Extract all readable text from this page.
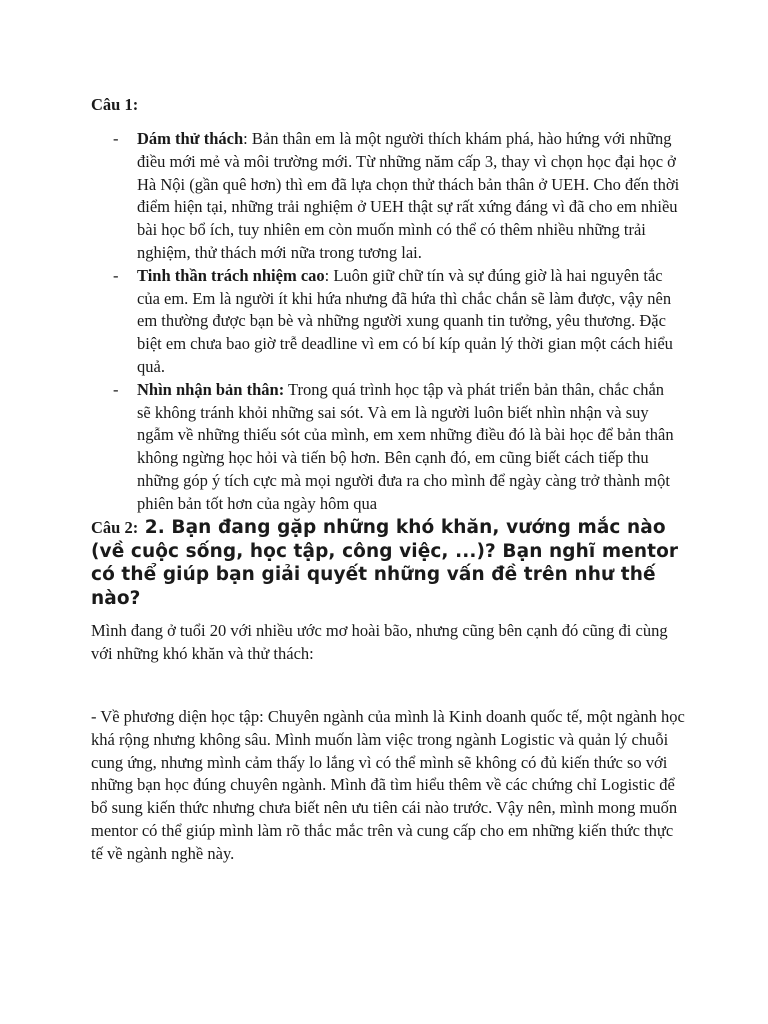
Câu 1:
- Dám thử thách: Bản thân em là một người thích khám phá, hào hứng với những điều mới mẻ và môi trường mới. Từ những năm cấp 3, thay vì chọn học đại học ở Hà Nội (gần quê hơn) thì em đã lựa chọn thử thách bản thân ở UEH. Cho đến thời điểm hiện tại, những trải nghiệm ở UEH thật sự rất xứng đáng vì đã cho em nhiều bài học bổ ích, tuy nhiên em còn muốn mình có thể có thêm nhiều những trải nghiệm, thử thách mới nữa trong tương lai.
- Tinh thần trách nhiệm cao: Luôn giữ chữ tín và sự đúng giờ là hai nguyên tắc của em. Em là người ít khi hứa nhưng đã hứa thì chắc chắn sẽ làm được, vậy nên em thường được bạn bè và những người xung quanh tin tưởng, yêu thương. Đặc biệt em chưa bao giờ trễ deadline vì em có bí kíp quản lý thời gian một cách hiểu quả.
- Nhìn nhận bản thân: Trong quá trình học tập và phát triển bản thân, chắc chắn sẽ không tránh khỏi những sai sót. Và em là người luôn biết nhìn nhận và suy ngẫm về những thiếu sót của mình, em xem những điều đó là bài học để bản thân không ngừng học hỏi và tiến bộ hơn. Bên cạnh đó, em cũng biết cách tiếp thu những góp ý tích cực mà mọi người đưa ra cho mình để ngày càng trở thành một phiên bản tốt hơn của ngày hôm qua
Câu 2: 2. Bạn đang gặp những khó khăn, vướng mắc nào (về cuộc sống, học tập, công việc, ...)? Bạn nghĩ mentor có thể giúp bạn giải quyết những vấn đề trên như thế nào?

Mình đang ở tuổi 20 với nhiều ước mơ hoài bão, nhưng cũng bên cạnh đó cũng đi cùng với những khó khăn và thử thách:

- Về phương diện học tập: Chuyên ngành của mình là Kinh doanh quốc tế, một ngành học khá rộng nhưng không sâu. Mình muốn làm việc trong ngành Logistic và quản lý chuỗi cung ứng, nhưng mình cảm thấy lo lắng vì có thể mình sẽ không có đủ kiến thức so với những bạn học đúng chuyên ngành. Mình đã tìm hiểu thêm về các chứng chỉ Logistic để bổ sung kiến thức nhưng chưa biết nên ưu tiên cái nào trước. Vậy nên, mình mong muốn mentor có thể giúp mình làm rõ thắc mắc trên và cung cấp cho em những kiến thức thực tế về ngành nghề này.
